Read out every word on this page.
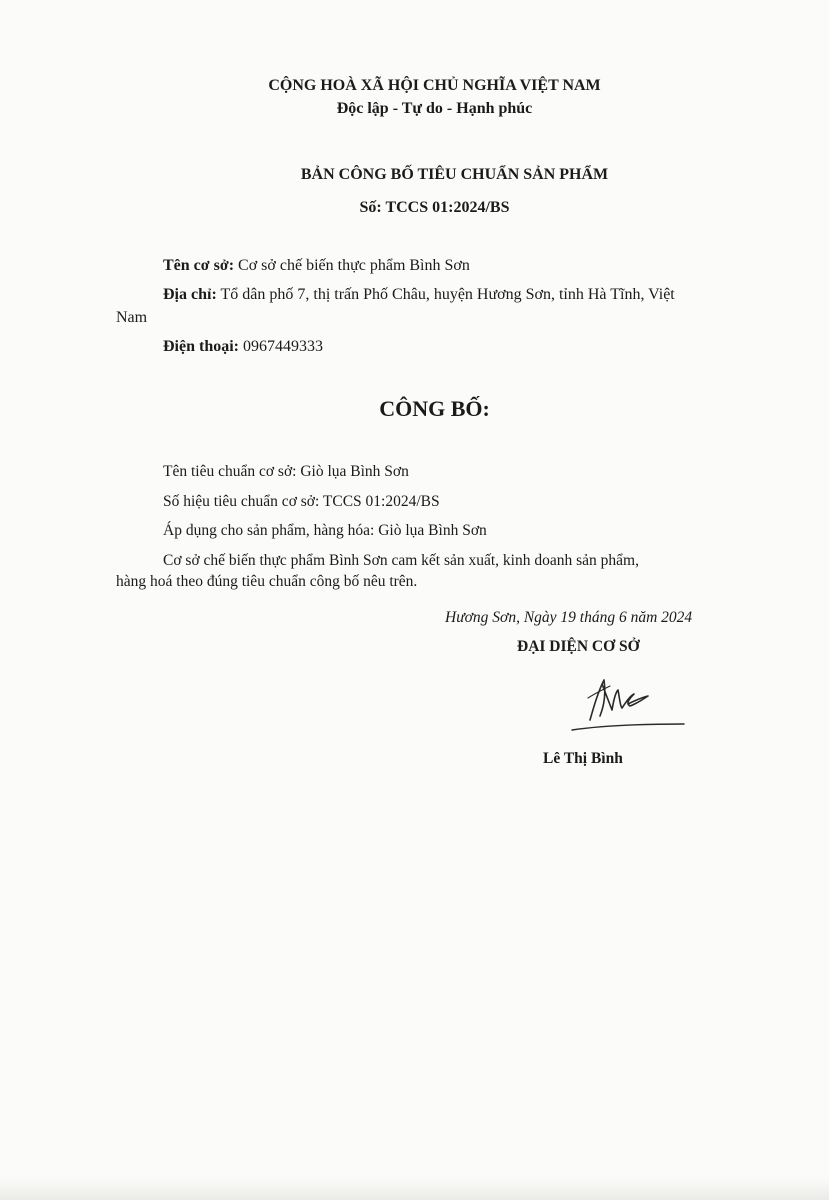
CỘNG HOÀ XÃ HỘI CHỦ NGHĨA VIỆT NAM
Độc lập - Tự do - Hạnh phúc
BẢN CÔNG BỐ TIÊU CHUẨN SẢN PHẨM
Số: TCCS 01:2024/BS
Tên cơ sở: Cơ sở chế biến thực phẩm Bình Sơn
Địa chỉ: Tổ dân phố 7, thị trấn Phố Châu, huyện Hương Sơn, tỉnh Hà Tĩnh, Việt
Nam
Điện thoại: 0967449333
CÔNG BỐ:
Tên tiêu chuẩn cơ sở: Giò lụa Bình Sơn
Số hiệu tiêu chuẩn cơ sở: TCCS 01:2024/BS
Áp dụng cho sản phẩm, hàng hóa: Giò lụa Bình Sơn
Cơ sở chế biến thực phẩm Bình Sơn cam kết sản xuất, kinh doanh sản phẩm,
hàng hoá theo đúng tiêu chuẩn công bố nêu trên.
Hương Sơn, Ngày 19 tháng 6 năm 2024
ĐẠI DIỆN CƠ SỞ
Lê Thị Bình
